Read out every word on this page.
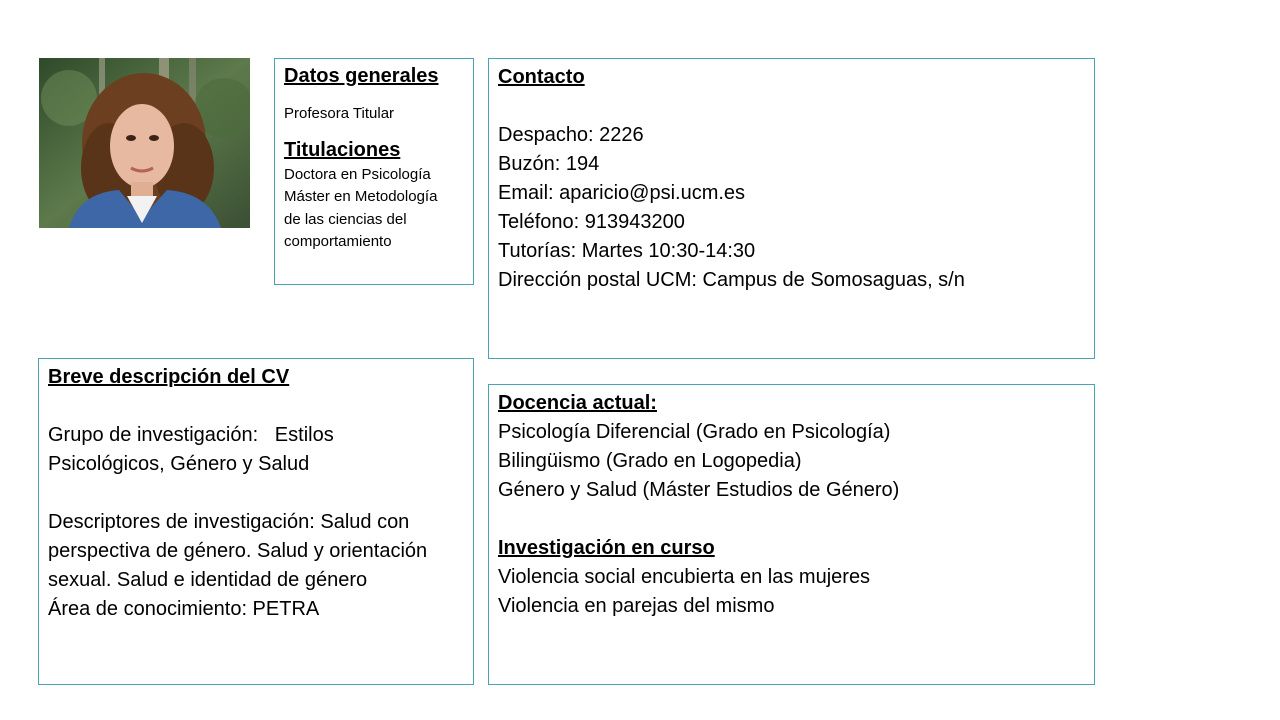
Datos generales
Profesora Titular
Titulaciones
Doctora en Psicología
Máster en Metodología
de las ciencias del
comportamiento
Contacto
Despacho: 2226
Buzón: 194
Email: aparicio@psi.ucm.es
Teléfono: 913943200
Tutorías: Martes 10:30-14:30
Dirección postal UCM: Campus de Somosaguas, s/n
Breve descripción del CV
Grupo de investigación:   Estilos
Psicológicos, Género y Salud
Descriptores de investigación: Salud con
perspectiva de género. Salud y orientación
sexual. Salud e identidad de género
Área de conocimiento: PETRA
Docencia actual:
Psicología Diferencial (Grado en Psicología)
Bilingüismo (Grado en Logopedia)
Género y Salud (Máster Estudios de Género)
Investigación en curso
Violencia social encubierta en las mujeres
Violencia en parejas del mismo
